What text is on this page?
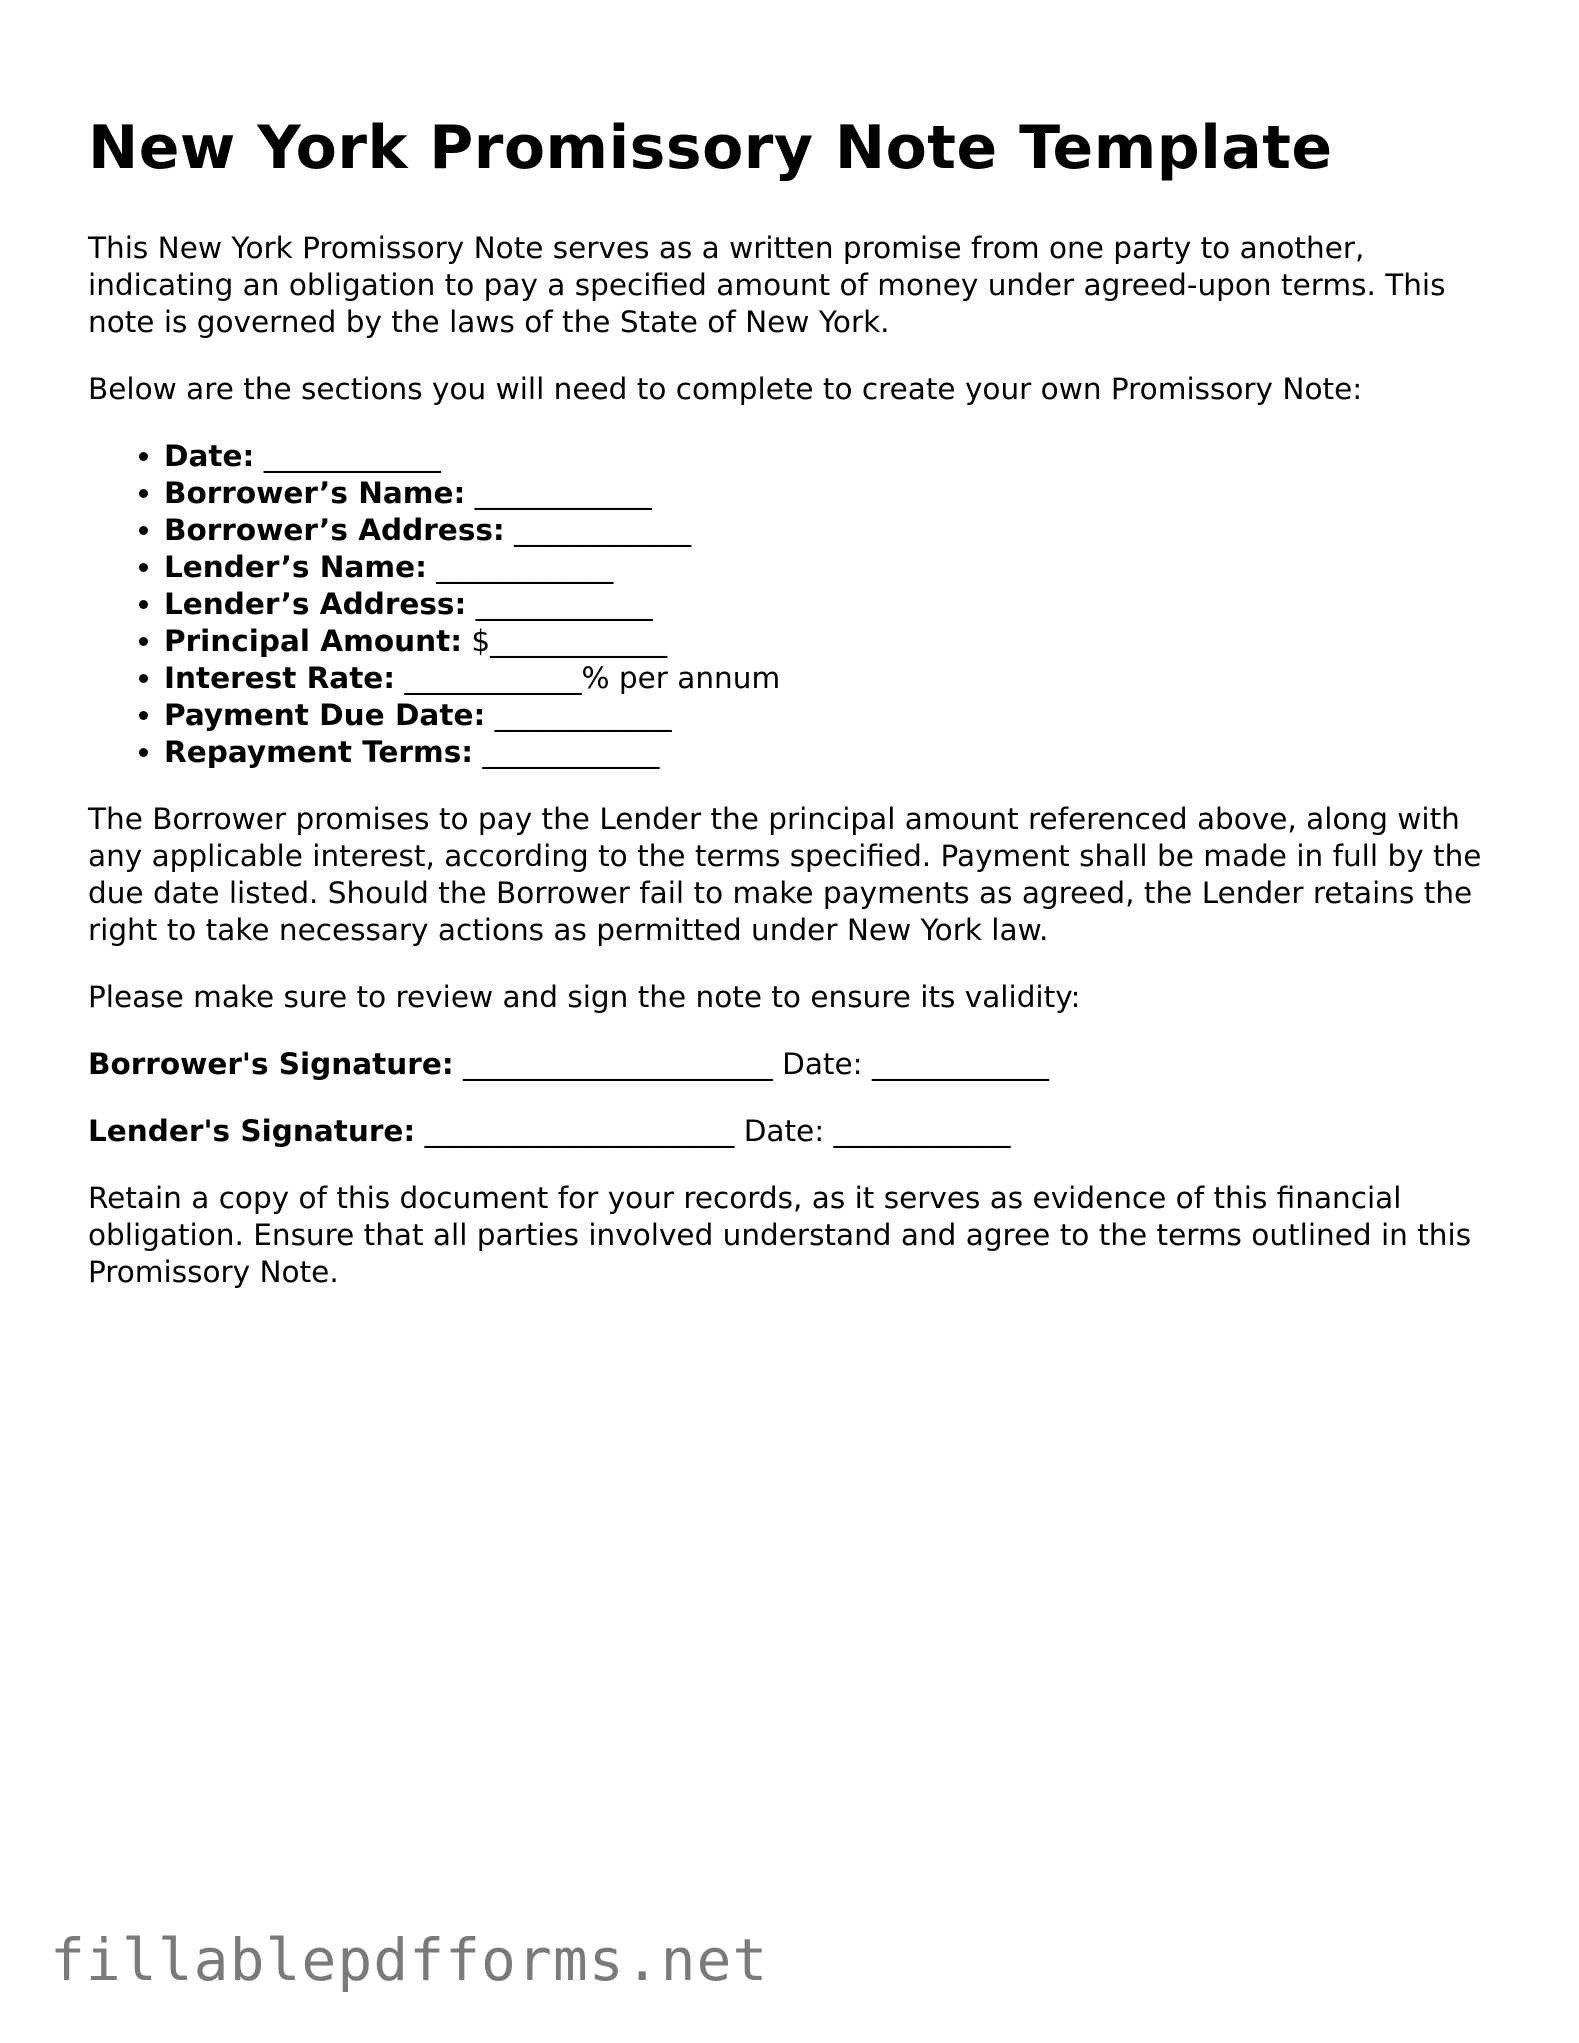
New York Promissory Note Template

This New York Promissory Note serves as a written promise from one party to another, indicating an obligation to pay a specified amount of money under agreed-upon terms. This note is governed by the laws of the State of New York.

Below are the sections you will need to complete to create your own Promissory Note:

• Date: ____________
• Borrower’s Name: ____________
• Borrower’s Address: ____________
• Lender’s Name: ____________
• Lender’s Address: ____________
• Principal Amount: $____________
• Interest Rate: ____________% per annum
• Payment Due Date: ____________
• Repayment Terms: ____________

The Borrower promises to pay the Lender the principal amount referenced above, along with any applicable interest, according to the terms specified. Payment shall be made in full by the due date listed. Should the Borrower fail to make payments as agreed, the Lender retains the right to take necessary actions as permitted under New York law.

Please make sure to review and sign the note to ensure its validity:

Borrower's Signature: _____________________ Date: ____________
Lender's Signature: _____________________ Date: ____________

Retain a copy of this document for your records, as it serves as evidence of this financial obligation. Ensure that all parties involved understand and agree to the terms outlined in this Promissory Note.

fillablepdfforms.net
